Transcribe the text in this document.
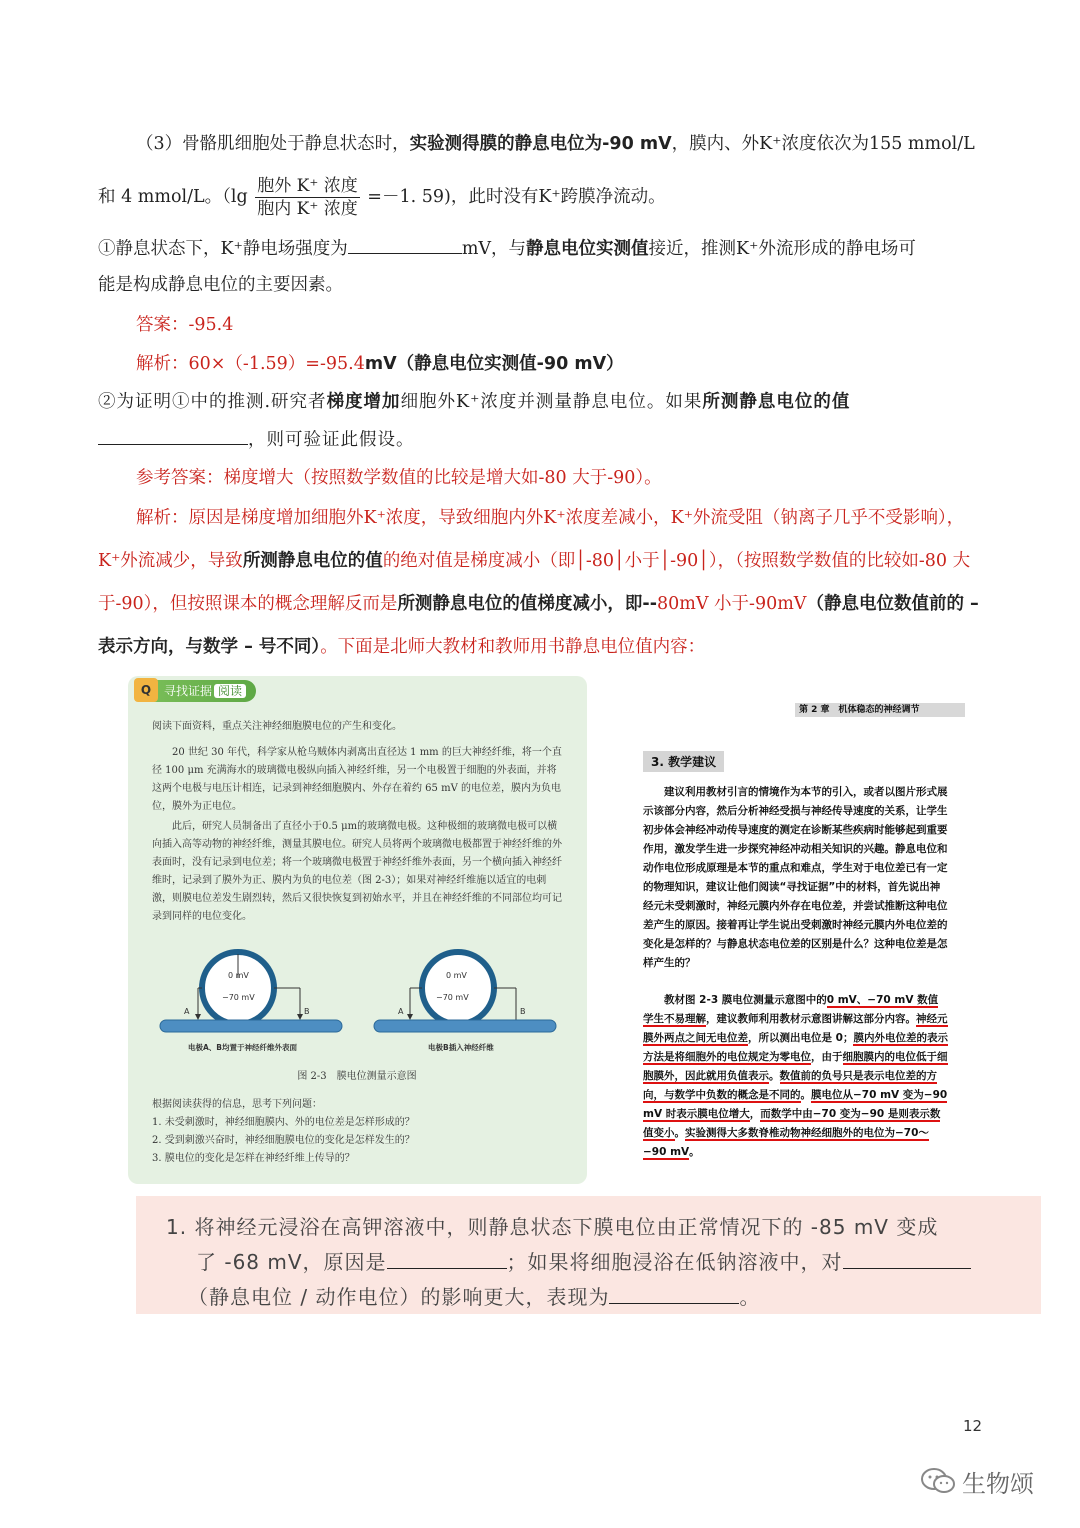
（3）骨骼肌细胞处于静息状态时，实验测得膜的静息电位为-90 mV，膜内、外K⁺浓度依次为155 mmol/L
和 4 mmol/L。（$\lg \frac{\text{胞外 K⁺ 浓度}}{\text{胞内 K⁺ 浓度}} =-1$. 59)，此时没有K⁺跨膜净流动。
①静息状态下，K⁺静电场强度为	mV，与静息电位实测值接近，推测K⁺外流形成的静电场可
能是构成静息电位的主要因素。
答案：-95.4
解析：60×（-1.59）=-95.4mV（静息电位实测值-90 mV）
②为证明①中的推测.研究者梯度增加细胞外K⁺浓度并测量静息电位。如果所测静息电位的值
，则可验证此假设。
参考答案：梯度增大（按照数学数值的比较是增大如-80 大于-90）。
解析：原因是梯度增加细胞外K⁺浓度，导致细胞内外K⁺浓度差减小，K⁺外流受阻（钠离子几乎不受影响），K⁺外流减少，导致所测静息电位的值的绝对值是梯度减小（即│-80│小于│-90│），（按照数学数值的比较如-80 大于-90），但按照课本的概念理解反而是所测静息电位的值梯度减小，即--80mV 小于-90mV（静息电位数值前的 – 表示方向，与数学 – 号不同）。下面是北师大教材和教师用书静息电位值内容：
Q	寻找证据 阅读
阅读下面资料，重点关注神经细胞膜电位的产生和变化。
20 世纪 30 年代，科学家从枪乌贼体内剥离出直径达 1 mm 的巨大神经纤维，将一个直径 100 μm 充满海水的玻璃微电极纵向插入神经纤维，另一个电极置于细胞的外表面，并将这两个电极与电压计相连，记录到神经细胞膜内、外存在着约 65 mV 的电位差，膜内为负电位，膜外为正电位。
此后，研究人员制备出了直径小于0.5 μm的玻璃微电极。这种极细的玻璃微电极可以横向插入高等动物的神经纤维，测量其膜电位。研究人员将两个玻璃微电极都置于神经纤维的外表面时，没有记录到电位差；将一个玻璃微电极置于神经纤维外表面，另一个横向插入神经纤维时，记录到了膜外为正、膜内为负的电位差（图 2-3）；如果对神经纤维施以适宜的电刺激，则膜电位差发生剧烈转，然后又很快恢复到初始水平，并且在神经纤维的不同部位均可记录到同样的电位变化。
0 mV
−70 mV
A	B
电极A、B均置于神经纤维外表面
0 mV
−70 mV
A	B
电极B插入神经纤维
图 2-3　膜电位测量示意图
根据阅读获得的信息，思考下列问题：
1. 未受刺激时，神经细胞膜内、外的电位差是怎样形成的？
2. 受到刺激兴奋时，神经细胞膜电位的变化是怎样发生的？
3. 膜电位的变化是怎样在神经纤维上传导的？
第 2 章　机体稳态的神经调节
3. 教学建议
建议利用教材引言的情境作为本节的引入，或者以图片形式展示该部分内容，然后分析神经受损与神经传导速度的关系，让学生初步体会神经冲动传导速度的测定在诊断某些疾病时能够起到重要作用，激发学生进一步探究神经冲动相关知识的兴趣。静息电位和动作电位形成原理是本节的重点和难点，学生对于电位差已有一定的物理知识，建议让他们阅读“寻找证据”中的材料，首先说出神经元未受刺激时，神经元膜内外存在电位差，并尝试推断这种电位差产生的原因。接着再让学生说出受刺激时神经元膜内外电位差的变化是怎样的？与静息状态电位差的区别是什么？这种电位差是怎样产生的？
教材图 2-3 膜电位测量示意图中的0 mV、−70 mV 数值学生不易理解，建议教师利用教材示意图讲解这部分内容。神经元膜外两点之间无电位差，所以测出电位是 0；膜内外电位差的表示方法是将细胞外的电位规定为零电位，由于细胞膜内的电位低于细胞膜外，因此就用负值表示。数值前的负号只是表示电位差的方向，与数学中负数的概念是不同的。膜电位从−70 mV 变为−90 mV 时表示膜电位增大，而数学中由−70 变为−90 是则表示数值变小。实验测得大多数脊椎动物神经细胞外的电位为−70～−90 mV。
1. 将神经元浸浴在高钾溶液中，则静息状态下膜电位由正常情况下的 -85 mV 变成
了 -68 mV，原因是	；如果将细胞浸浴在低钠溶液中，对
（静息电位 / 动作电位）的影响更大，表现为	。
12
生物颂
